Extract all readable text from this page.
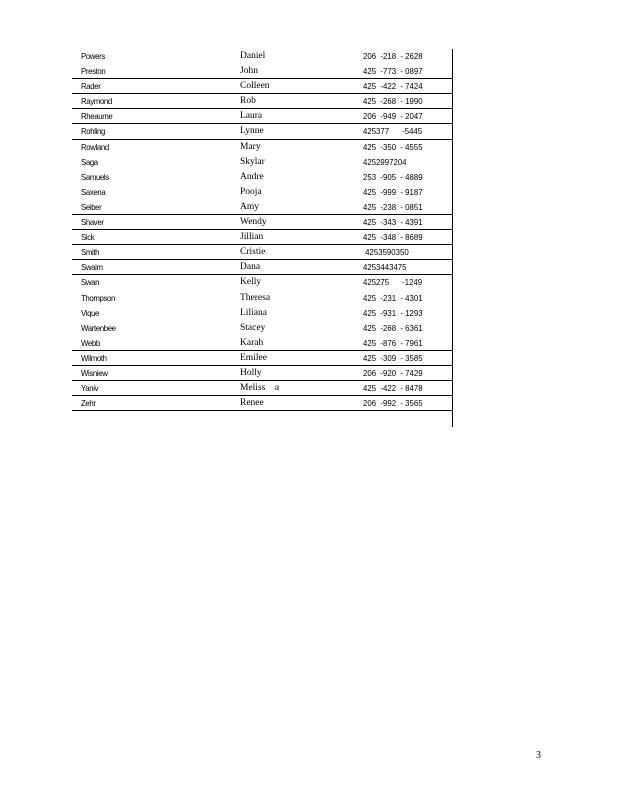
Powers	Daniel	206  -218  - 2628
Preston	John	425  -773  - 0897
Rader	Colleen	425  -422  - 7424
Raymond	Rob	425  -268  - 1990
Rheaume	Laura	206  -949  - 2047
Rohling	Lynne	425377      -5445
Rowland	Mary	425  -350  - 4555
Saga	Skylar	4252997204
Samuels	Andre	253  -905  - 4889
Saxena	Pooja	425  -999  - 9187
Seiber	Amy	425  -238  - 0851
Shaver	Wendy	425  -343  - 4391
Sick	Jillian	425  -348  - 8689
Smith	Cristie	4253590350
Swaim	Dana	4253443475
Swan	Kelly	425275      -1249
Thompson	Theresa	425  -231  - 4301
Vique	Liliana	425  -931  - 1293
Wartenbee	Stacey	425  -268  - 6361
Webb	Karah	425  -876  - 7961
Wilmoth	Emilee	425  -309  - 3585
Wisniew	Holly	206  -920  - 7429
Yaniv	Meliss    a	425  -422  - 8478
Zehr	Renee	206  -992  - 3565
3
